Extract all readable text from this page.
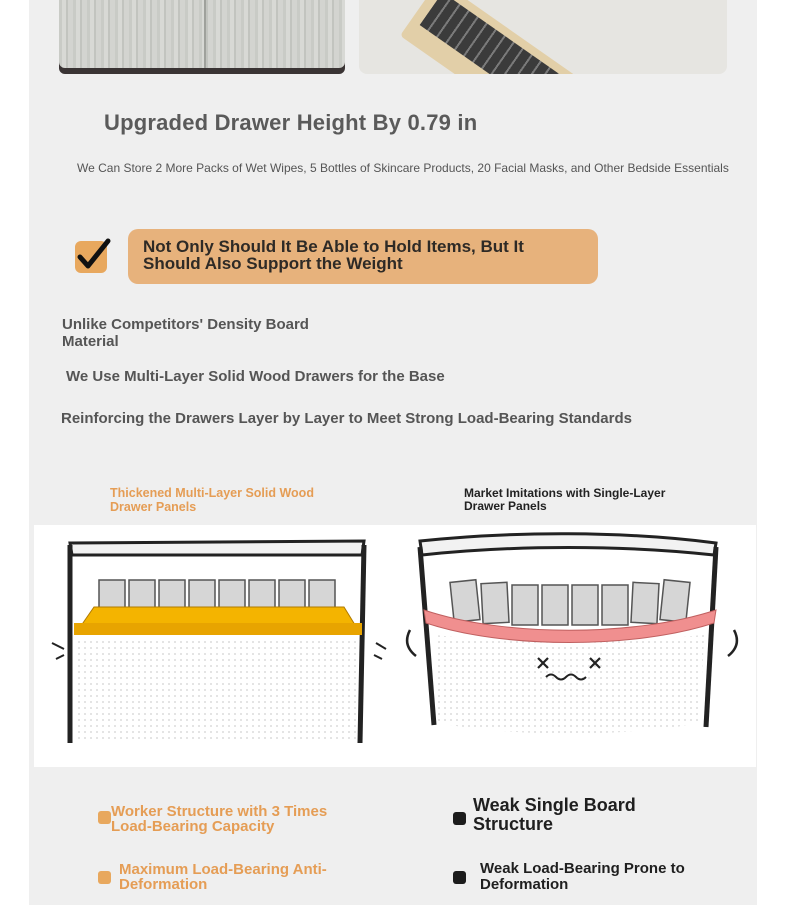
Upgraded Drawer Height By 0.79 in
We Can Store 2 More Packs of Wet Wipes, 5 Bottles of Skincare Products, 20 Facial Masks, and Other Bedside Essentials
Not Only Should It Be Able to Hold Items, But It Should Also Support the Weight
Unlike Competitors' Density Board Material
We Use Multi-Layer Solid Wood Drawers for the Base
Reinforcing the Drawers Layer by Layer to Meet Strong Load-Bearing Standards
Thickened Multi-Layer Solid Wood Drawer Panels
Market Imitations with Single-Layer Drawer Panels
Worker Structure with 3 Times Load-Bearing Capacity
Maximum Load-Bearing Anti-Deformation
Weak Single Board Structure
Weak Load-Bearing Prone to Deformation
